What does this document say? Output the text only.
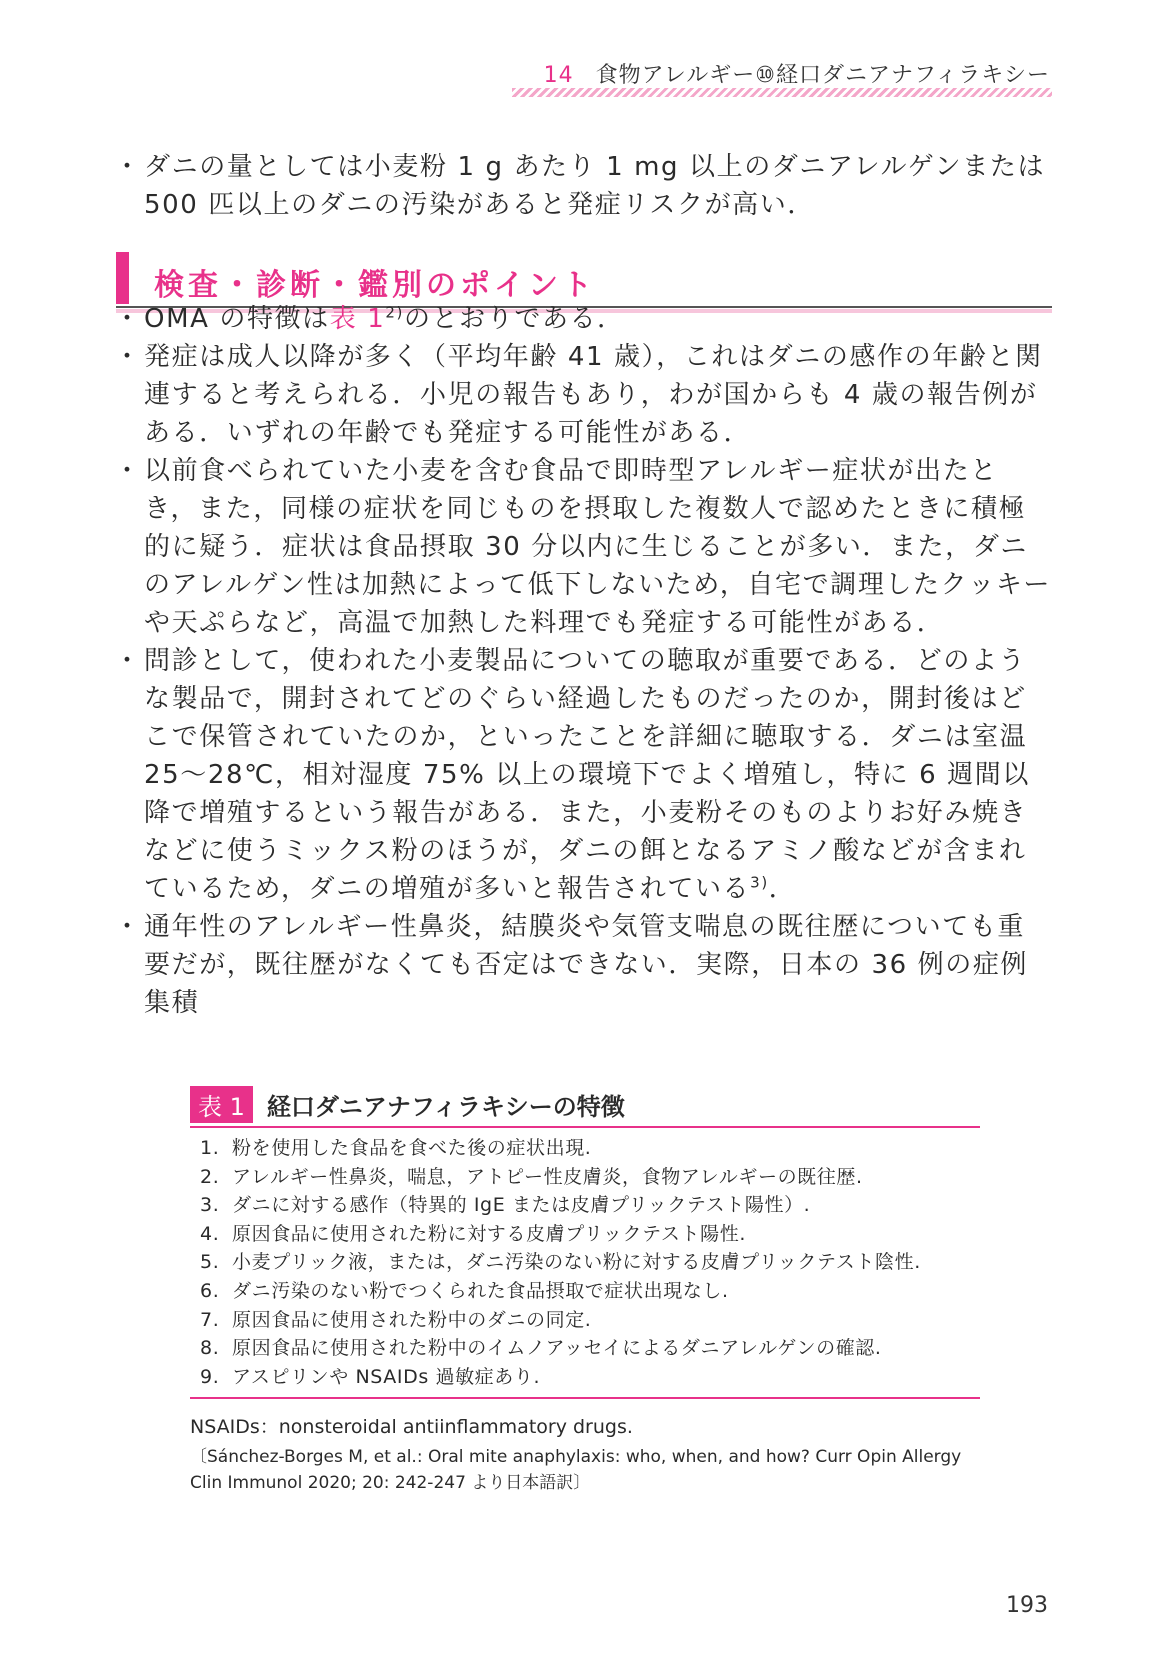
14 食物アレルギー⑩経口ダニアナフィラキシー

・ ダニの量としては小麦粉 1 g あたり 1 mg 以上のダニアレルゲンまたは 500 匹以上のダニの汚染があると発症リスクが高い．

検査・診断・鑑別のポイント

・ OMA の特徴は表 1$^{2)}$のとおりである．

・ 発症は成人以降が多く（平均年齢 41 歳），これはダニの感作の年齢と関連すると考えられる．小児の報告もあり，わが国からも 4 歳の報告例がある．いずれの年齢でも発症する可能性がある．

・ 以前食べられていた小麦を含む食品で即時型アレルギー症状が出たとき，また，同様の症状を同じものを摂取した複数人で認めたときに積極的に疑う．症状は食品摂取 30 分以内に生じることが多い．また，ダニのアレルゲン性は加熱によって低下しないため，自宅で調理したクッキーや天ぷらなど，高温で加熱した料理でも発症する可能性がある．

・ 問診として，使われた小麦製品についての聴取が重要である．どのような製品で，開封されてどのぐらい経過したものだったのか，開封後はどこで保管されていたのか，といったことを詳細に聴取する．ダニは室温 25～28℃，相対湿度 75% 以上の環境下でよく増殖し，特に 6 週間以降で増殖するという報告がある．また，小麦粉そのものよりお好み焼きなどに使うミックス粉のほうが，ダニの餌となるアミノ酸などが含まれているため，ダニの増殖が多いと報告されている$^{3)}$．

・ 通年性のアレルギー性鼻炎，結膜炎や気管支喘息の既往歴についても重要だが，既往歴がなくても否定はできない．実際，日本の 36 例の症例集積

表 1 経口ダニアナフィラキシーの特徴
1. 粉を使用した食品を食べた後の症状出現.
2. アレルギー性鼻炎，喘息，アトピー性皮膚炎，食物アレルギーの既往歴.
3. ダニに対する感作（特異的 IgE または皮膚プリックテスト陽性）.
4. 原因食品に使用された粉に対する皮膚プリックテスト陽性.
5. 小麦プリック液，または，ダニ汚染のない粉に対する皮膚プリックテスト陰性.
6. ダニ汚染のない粉でつくられた食品摂取で症状出現なし.
7. 原因食品に使用された粉中のダニの同定.
8. 原因食品に使用された粉中のイムノアッセイによるダニアレルゲンの確認.
9. アスピリンや NSAIDs 過敏症あり.
NSAIDs：nonsteroidal antiinflammatory drugs.
〔Sánchez-Borges M, et al.: Oral mite anaphylaxis: who, when, and how? Curr Opin Allergy Clin Immunol 2020; 20: 242-247 より日本語訳〕
193
